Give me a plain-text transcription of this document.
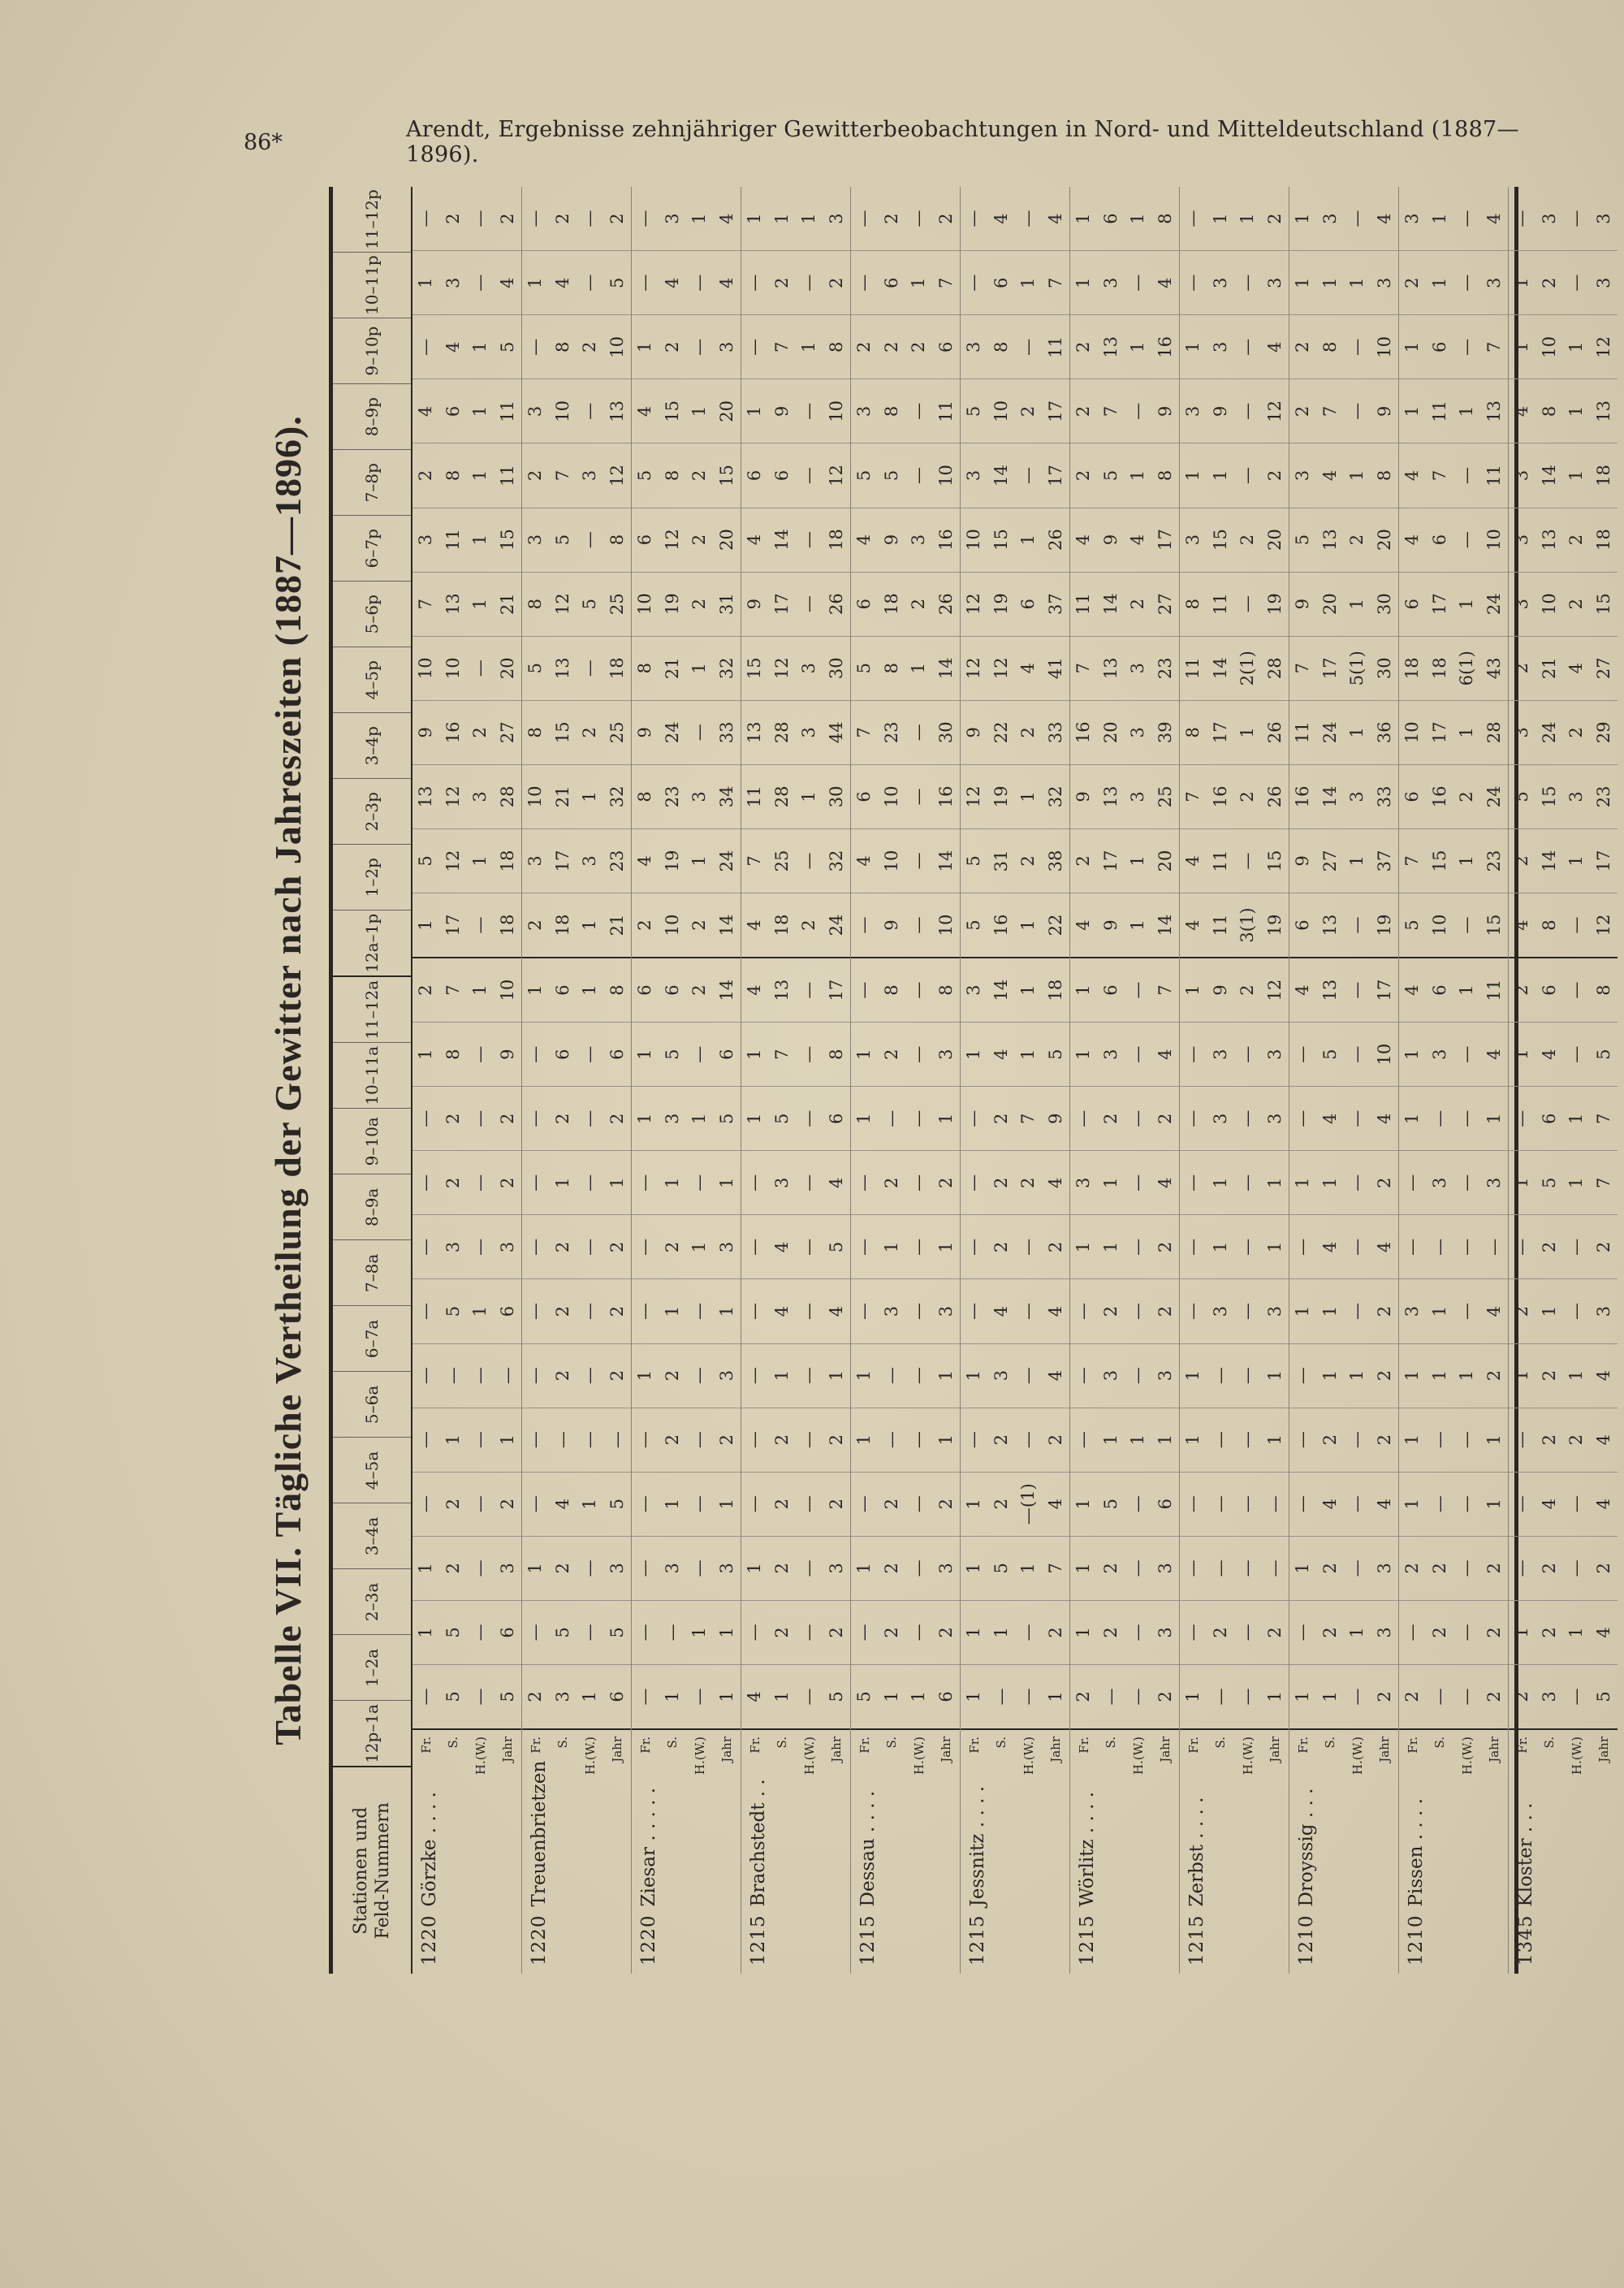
86*	Arendt, Ergebnisse zehnjähriger Gewitterbeobachtungen in Nord- und Mitteldeutschland (1887—1896).
Tabelle VII. Tägliche Vertheilung der Gewitter nach Jahreszeiten (1887—1896).
Stationen und Feld-Nummern
12p–1a
1–2a
2–3a
3–4a
4–5a
5–6a
6–7a
7–8a
8–9a
9–10a
10–11a
11–12a
12a–1p
1–2p
2–3p
3–4p
4–5p
5–6p
6–7p
7–8p
8–9p
9–10p
10–11p
11–12p
1220Görzke . . . .
Fr. S. H.(W.) Jahr
— 5 — 5
1 5 — 6
1 2 — 3
— 2 — 2
— 1 — 1
— — — —
— 5 1 6
— 3 — 3
— 2 — 2
— 2 — 2
1 8 — 9
2 7 1 10
1 17 — 18
5 12 1 18
13 12 3 28
9 16 2 27
10 10 — 20
7 13 1 21
3 11 1 15
2 8 1 11
4 6 1 11
— 4 1 5
1 3 — 4
— 2 — 2
1220Treuenbrietzen
Fr. S. H.(W.) Jahr
2 3 1 6
— 5 — 5
1 2 — 3
— 4 1 5
— — — —
— 2 — 2
— 2 — 2
— 2 — 2
— 1 — 1
— 2 — 2
— 6 — 6
1 6 1 8
2 18 1 21
3 17 3 23
10 21 1 32
8 15 2 25
5 13 — 18
8 12 5 25
3 5 — 8
2 7 3 12
3 10 — 13
— 8 2 10
1 4 — 5
— 2 — 2
1220Ziesar . . . . .
Fr. S. H.(W.) Jahr
— 1 — 1
— — 1 1
— 3 — 3
— 1 — 1
— 2 — 2
1 2 — 3
— 1 — 1
— 2 1 3
— 1 — 1
1 3 1 5
1 5 — 6
6 6 2 14
2 10 2 14
4 19 1 24
8 23 3 34
9 24 — 33
8 21 1 32
10 19 2 31
6 12 2 20
5 8 2 15
4 15 1 20
1 2 — 3
— 4 — 4
— 3 1 4
1215Brachstedt . .
Fr. S. H.(W.) Jahr
4 1 — 5
— 2 — 2
1 2 — 3
— 2 — 2
— 2 — 2
— 1 — 1
— 4 — 4
— 4 — 5
— 3 — 4
1 5 — 6
1 7 — 8
4 13 — 17
4 18 2 24
7 25 — 32
11 28 1 30
13 28 3 44
15 12 3 30
9 17 — 26
4 14 — 18
6 6 — 12
1 9 — 10
— 7 1 8
— 2 — 2
1 1 1 3
1215Dessau . . . .
Fr. S. H.(W.) Jahr
5 1 1 6
— 2 — 2
1 2 — 3
— 2 — 2
1 — — 1
1 — — 1
— 3 — 3
— 1 — 1
— 2 — 2
1 — — 1
1 2 — 3
— 8 — 8
— 9 — 10
4 10 — 14
6 10 — 16
7 23 — 30
5 8 1 14
6 18 2 26
4 9 3 16
5 5 — 10
3 8 — 11
2 2 2 6
— 6 1 7
— 2 — 2
1215Jessnitz . . . .
Fr. S. H.(W.) Jahr
1 — — 1
1 1 — 2
1 5 1 7
1 2 —(1) 4
— 2 — 2
1 3 — 4
— 4 — 4
— 2 — 2
— 2 2 4
— 2 7 9
1 4 1 5
3 14 1 18
5 16 1 22
5 31 2 38
12 19 1 32
9 22 2 33
12 12 4 41
12 19 6 37
10 15 1 26
3 14 — 17
5 10 2 17
3 8 — 11
— 6 1 7
— 4 — 4
1215Wörlitz . . . .
Fr. S. H.(W.) Jahr
2 — — 2
1 2 — 3
1 2 — 3
1 5 — 6
— 1 1 1
— 3 — 3
— 2 — 2
1 1 — 2
3 1 — 4
— 2 — 2
1 3 — 4
1 6 — 7
4 9 1 14
2 17 1 20
9 13 3 25
16 20 3 39
7 13 3 23
11 14 2 27
4 9 4 17
2 5 1 8
2 7 — 9
2 13 1 16
1 3 — 4
1 6 1 8
1215Zerbst . . . .
Fr. S. H.(W.) Jahr
1 — — 1
— 2 — 2
— — — —
— — — —
1 — — 1
1 — — 1
— 3 — 3
— 1 — 1
— 1 — 1
— 3 — 3
— 3 — 3
1 9 2 12
4 11 3(1) 19
4 11 — 15
7 16 2 26
8 17 1 26
11 14 2(1) 28
8 11 — 19
3 15 2 20
1 1 — 2
3 9 — 12
1 3 — 4
— 3 — 3
— 1 1 2
1210Droyssig . . .
Fr. S. H.(W.) Jahr
1 1 — 2
— 2 1 3
1 2 — 3
— 4 — 4
— 2 — 2
— 1 1 2
1 1 — 2
— 4 — 4
1 1 — 2
— 4 — 4
— 5 — 10
4 13 — 17
6 13 — 19
9 27 1 37
16 14 3 33
11 24 1 36
7 17 5(1) 30
9 20 1 30
5 13 2 20
3 4 1 8
2 7 — 9
2 8 — 10
1 1 1 3
1 3 — 4
1210Pissen . . . .
Fr. S. H.(W.) Jahr
2 — — 2
— 2 — 2
2 2 — 2
1 — — 1
1 — — 1
1 1 1 2
3 1 — 4
— — — —
— 3 — 3
1 — — 1
1 3 — 4
4 6 1 11
5 10 — 15
7 15 1 23
6 16 2 24
10 17 1 28
18 18 6(1) 43
6 17 1 24
4 6 — 10
4 7 — 11
1 11 1 13
1 6 — 7
2 1 — 3
3 1 — 4
1345Kloster . . .
Fr. S. H.(W.) Jahr
2 3 — 5
1 2 1 4
— 2 — 2
— 4 — 4
— 2 2 4
1 2 1 4
2 1 — 3
— 2 — 2
1 5 1 7
— 6 1 7
1 4 — 5
2 6 — 8
4 8 — 12
2 14 1 17
5 15 3 23
3 24 2 29
2 21 4 27
3 10 2 15
3 13 2 18
3 14 1 18
4 8 1 13
1 10 1 12
1 2 — 3
— 3 — 3
